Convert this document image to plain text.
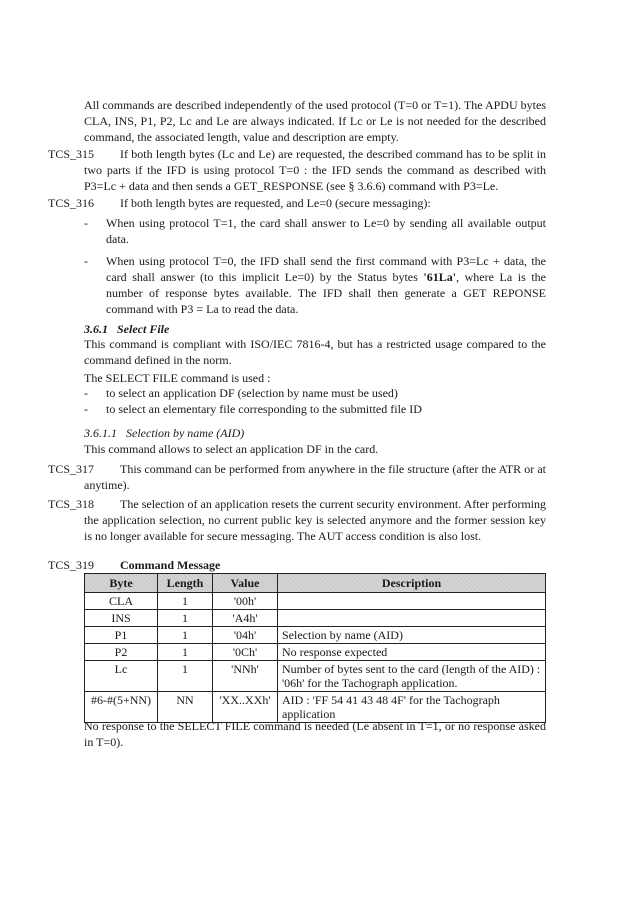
All commands are described independently of the used protocol (T=0 or T=1). The APDU bytes CLA, INS, P1, P2, Lc and Le are always indicated. If Lc or Le is not needed for the described command, the associated length, value and description are empty.
TCS_315	If both length bytes (Lc and Le) are requested, the described command has to be split in two parts if the IFD is using protocol T=0 : the IFD sends the command as described with P3=Lc + data and then sends a GET_RESPONSE (see § 3.6.6) command with P3=Le.
TCS_316	If both length bytes are requested, and Le=0 (secure messaging):
- When using protocol T=1, the card shall answer to Le=0 by sending all available output data.
- When using protocol T=0, the IFD shall send the first command with P3=Lc + data, the card shall answer (to this implicit Le=0) by the Status bytes '61La', where La is the number of response bytes available. The IFD shall then generate a GET REPONSE command with P3 = La to read the data.
3.6.1 Select File
This command is compliant with ISO/IEC 7816-4, but has a restricted usage compared to the command defined in the norm.
The SELECT FILE command is used :
- to select an application DF (selection by name must be used)
- to select an elementary file corresponding to the submitted file ID
3.6.1.1 Selection by name (AID)
This command allows to select an application DF in the card.
TCS_317	This command can be performed from anywhere in the file structure (after the ATR or at anytime).
TCS_318	The selection of an application resets the current security environment. After performing the application selection, no current public key is selected anymore and the former session key is no longer available for secure messaging. The AUT access condition is also lost.
TCS_319	Command Message
Byte	Length	Value	Description
CLA	1	'00h'	
INS	1	'A4h'	
P1	1	'04h'	Selection by name (AID)
P2	1	'0Ch'	No response expected
Lc	1	'NNh'	Number of bytes sent to the card (length of the AID) : '06h' for the Tachograph application.
#6-#(5+NN)	NN	'XX..XXh'	AID : 'FF 54 41 43 48 4F' for the Tachograph application
No response to the SELECT FILE command is needed (Le absent in T=1, or no response asked in T=0).
